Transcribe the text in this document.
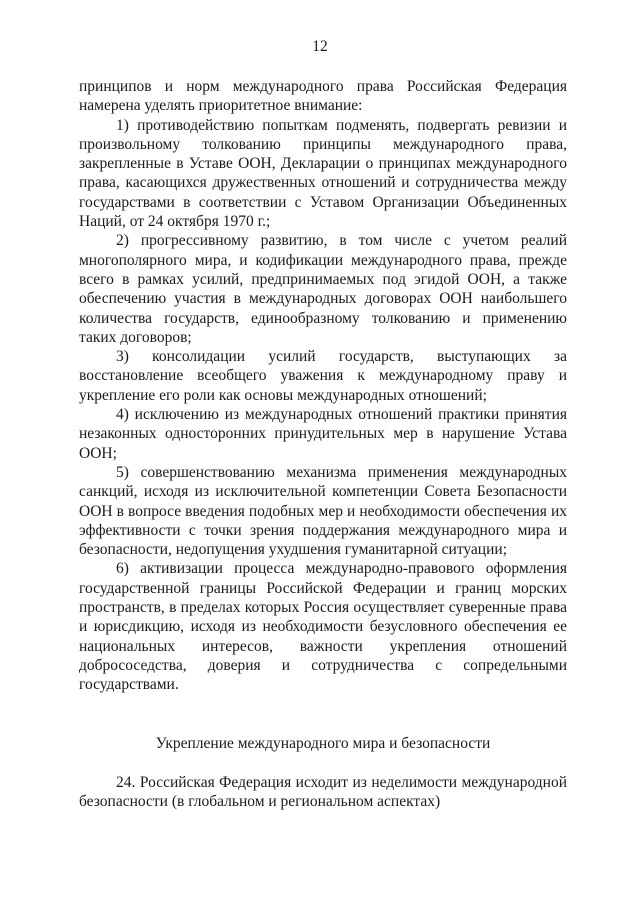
12

принципов и норм международного права Российская Федерация намерена уделять приоритетное внимание:

1) противодействию попыткам подменять, подвергать ревизии и произвольному толкованию принципы международного права, закрепленные в Уставе ООН, Декларации о принципах международного права, касающихся дружественных отношений и сотрудничества между государствами в соответствии с Уставом Организации Объединенных Наций, от 24 октября 1970 г.;

2) прогрессивному развитию, в том числе с учетом реалий многополярного мира, и кодификации международного права, прежде всего в рамках усилий, предпринимаемых под эгидой ООН, а также обеспечению участия в международных договорах ООН наибольшего количества государств, единообразному толкованию и применению таких договоров;

3) консолидации усилий государств, выступающих за восстановление всеобщего уважения к международному праву и укрепление его роли как основы международных отношений;

4) исключению из международных отношений практики принятия незаконных односторонних принудительных мер в нарушение Устава ООН;

5) совершенствованию механизма применения международных санкций, исходя из исключительной компетенции Совета Безопасности ООН в вопросе введения подобных мер и необходимости обеспечения их эффективности с точки зрения поддержания международного мира и безопасности, недопущения ухудшения гуманитарной ситуации;

6) активизации процесса международно-правового оформления государственной границы Российской Федерации и границ морских пространств, в пределах которых Россия осуществляет суверенные права и юрисдикцию, исходя из необходимости безусловного обеспечения ее национальных интересов, важности укрепления отношений добрососедства, доверия и сотрудничества с сопредельными государствами.

Укрепление международного мира и безопасности

24. Российская Федерация исходит из неделимости международной безопасности (в глобальном и региональном аспектах)
